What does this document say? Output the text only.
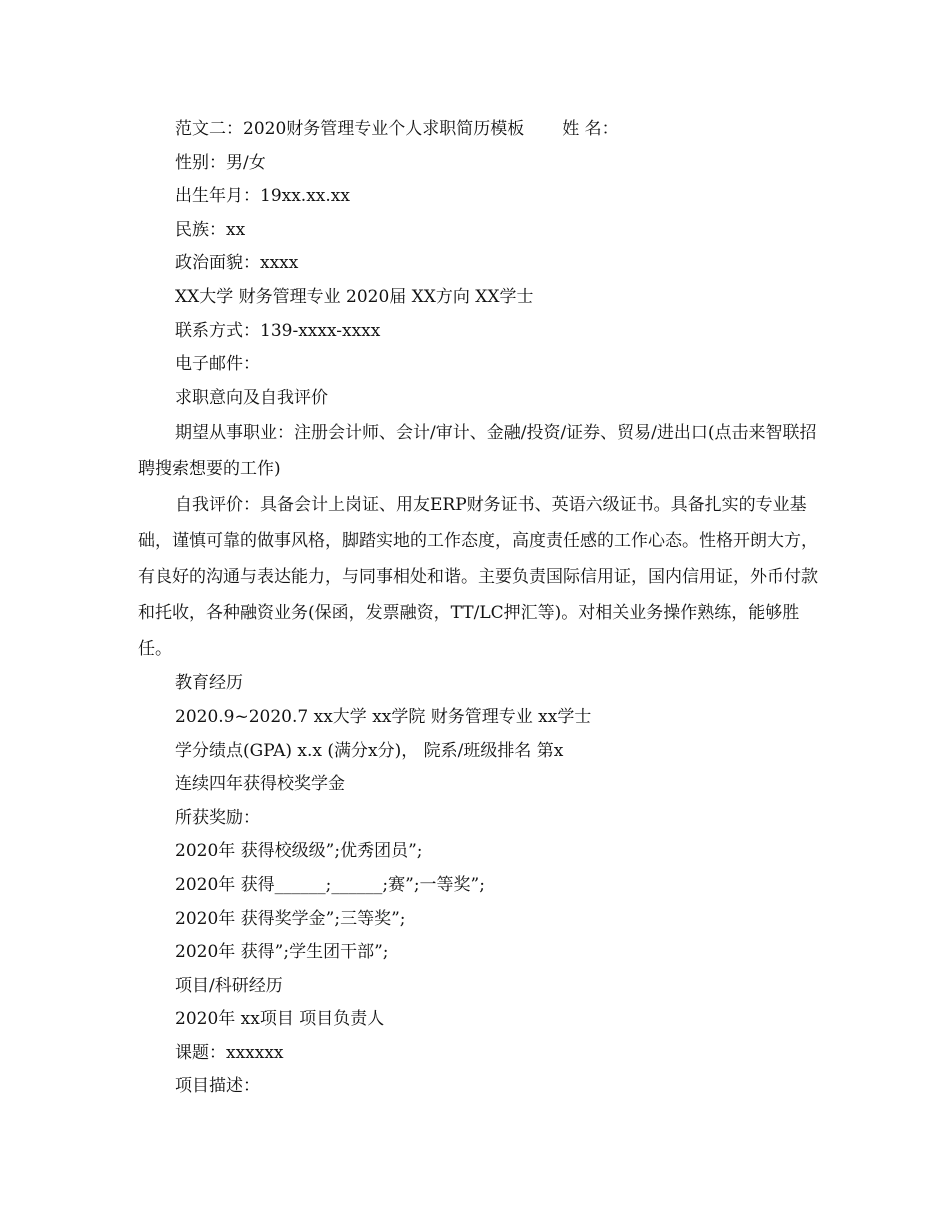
范文二：2020财务管理专业个人求职简历模板 姓 名：
性别：男/女
出生年月：19xx.xx.xx
民族：xx
政治面貌：xxxx
XX大学 财务管理专业 2020届 XX方向 XX学士
联系方式：139-xxxx-xxxx
电子邮件：
求职意向及自我评价

期望从事职业：注册会计师、会计/审计、金融/投资/证券、贸易/进出口(点击来智联招聘搜索想要的工作)

自我评价：具备会计上岗证、用友ERP财务证书、英语六级证书。具备扎实的专业基础，谨慎可靠的做事风格，脚踏实地的工作态度，高度责任感的工作心态。性格开朗大方，有良好的沟通与表达能力，与同事相处和谐。主要负责国际信用证，国内信用证，外币付款和托收，各种融资业务(保函，发票融资，TT/LC押汇等)。对相关业务操作熟练，能够胜任。

教育经历
2020.9~2020.7 xx大学 xx学院 财务管理专业 xx学士
学分绩点(GPA) x.x (满分x分)， 院系/班级排名 第x
连续四年获得校奖学金
所获奖励：
2020年 获得校级级”;优秀团员”;
2020年 获得______;______;赛”;一等奖”;
2020年 获得奖学金”;三等奖”;
2020年 获得”;学生团干部”;
项目/科研经历
2020年 xx项目 项目负责人
课题：xxxxxx
项目描述：
